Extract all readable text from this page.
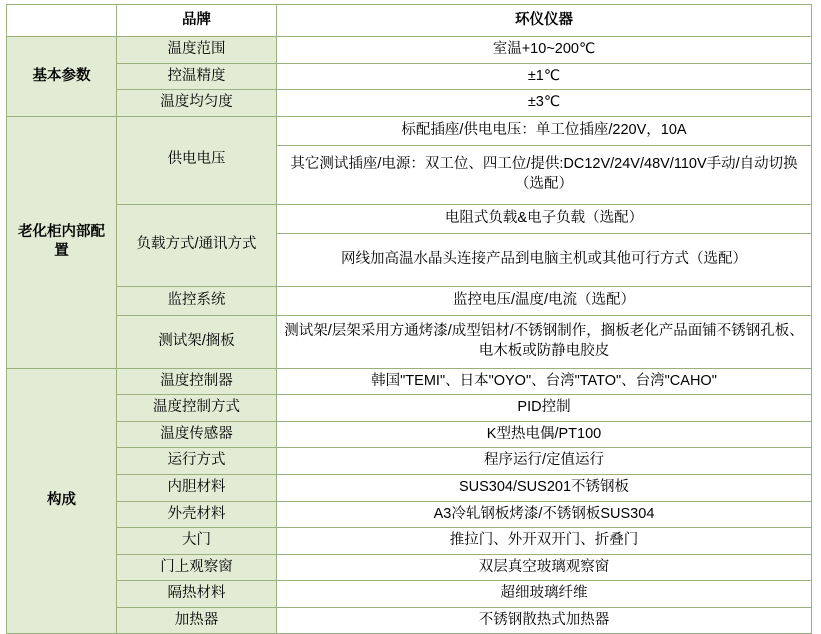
	品牌	环仪仪器
基本参数	温度范围	室温+10~200℃
	控温精度	±1℃
	温度均匀度	±3℃
老化柜内部配置	供电电压	标配插座/供电电压：单工位插座/220V，10A
		其它测试插座/电源：双工位、四工位/提供:DC12V/24V/48V/110V手动/自动切换（选配）
	负载方式/通讯方式	电阻式负载&电子负载（选配）
		网线加高温水晶头连接产品到电脑主机或其他可行方式（选配）
	监控系统	监控电压/温度/电流（选配）
	测试架/搁板	测试架/层架采用方通烤漆/成型铝材/不锈钢制作，搁板老化产品面铺不锈钢孔板、电木板或防静电胶皮
构成	温度控制器	韩国"TEMI"、日本"OYO"、台湾"TATO"、台湾"CAHO"
	温度控制方式	PID控制
	温度传感器	K型热电偶/PT100
	运行方式	程序运行/定值运行
	内胆材料	SUS304/SUS201不锈钢板
	外壳材料	A3冷轧钢板烤漆/不锈钢板SUS304
	大门	推拉门、外开双开门、折叠门
	门上观察窗	双层真空玻璃观察窗
	隔热材料	超细玻璃纤维
	加热器	不锈钢散热式加热器
